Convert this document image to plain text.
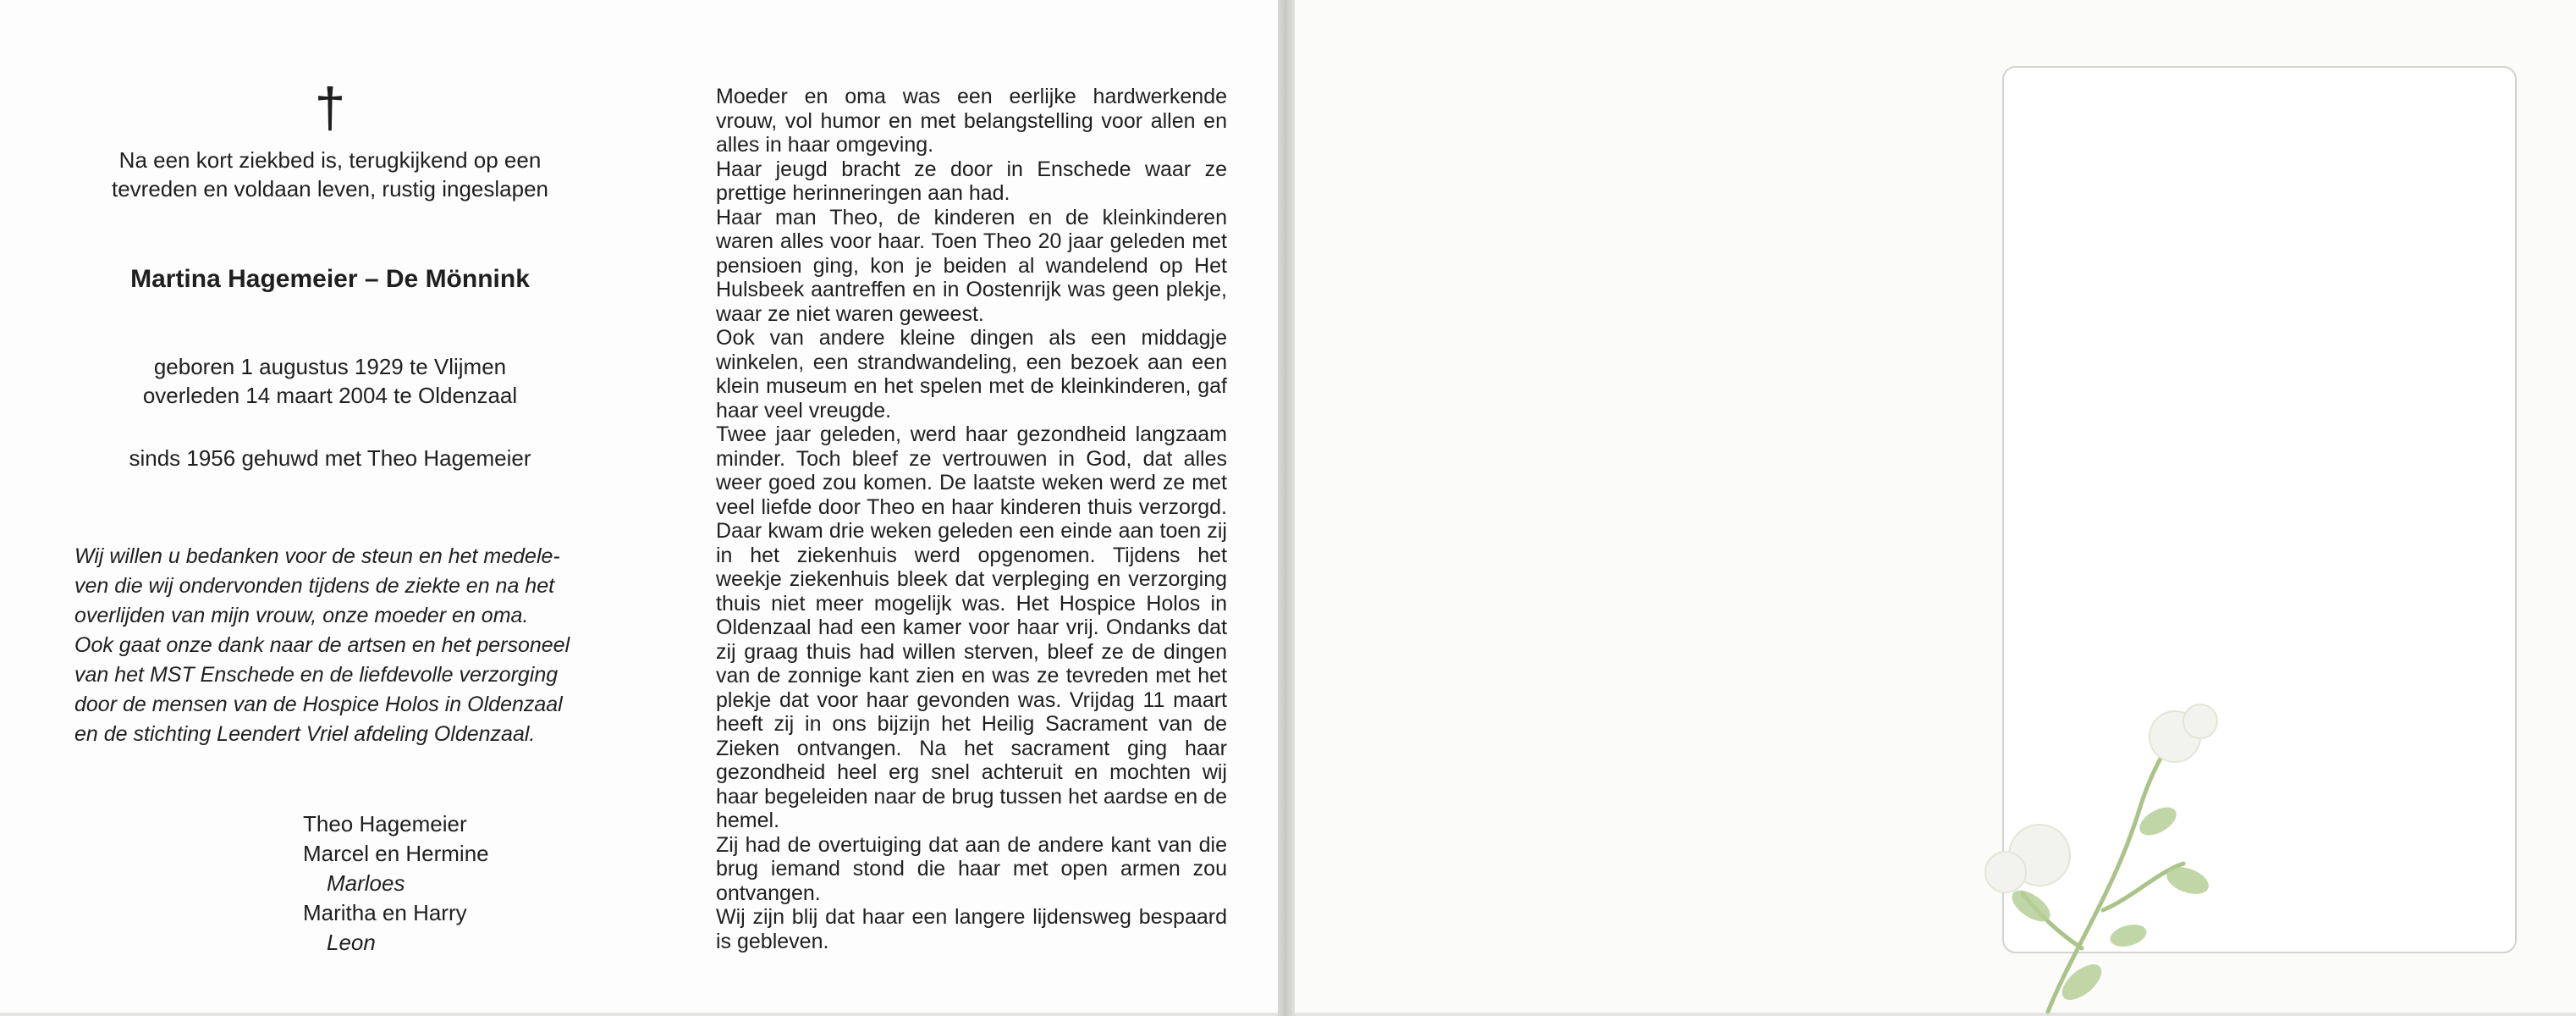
†
Na een kort ziekbed is, terugkijkend op een
tevreden en voldaan leven, rustig ingeslapen
Martina Hagemeier – De Mönnink
geboren 1 augustus 1929 te Vlijmen
overleden 14 maart 2004 te Oldenzaal
sinds 1956 gehuwd met Theo Hagemeier
Wij willen u bedanken voor de steun en het medele-
ven die wij ondervonden tijdens de ziekte en na het
overlijden van mijn vrouw, onze moeder en oma.
Ook gaat onze dank naar de artsen en het personeel
van het MST Enschede en de liefdevolle verzorging
door de mensen van de Hospice Holos in Oldenzaal
en de stichting Leendert Vriel afdeling Oldenzaal.
Theo Hagemeier
Marcel en Hermine
Marloes
Maritha en Harry
Leon

Moeder en oma was een eerlijke hardwerkende vrouw, vol humor en met belangstelling voor allen en alles in haar omgeving.

Haar jeugd bracht ze door in Enschede waar ze prettige herinneringen aan had.

Haar man Theo, de kinderen en de kleinkinderen waren alles voor haar. Toen Theo 20 jaar geleden met pensioen ging, kon je beiden al wandelend op Het Hulsbeek aantreffen en in Oostenrijk was geen plekje, waar ze niet waren geweest.

Ook van andere kleine dingen als een middagje winkelen, een strandwandeling, een bezoek aan een klein museum en het spelen met de kleinkinderen, gaf haar veel vreugde.

Twee jaar geleden, werd haar gezondheid langzaam minder. Toch bleef ze vertrouwen in God, dat alles weer goed zou komen. De laatste weken werd ze met veel liefde door Theo en haar kinderen thuis verzorgd. Daar kwam drie weken geleden een einde aan toen zij in het ziekenhuis werd opgenomen. Tijdens het weekje ziekenhuis bleek dat verpleging en verzorging thuis niet meer mogelijk was. Het Hospice Holos in Oldenzaal had een kamer voor haar vrij. Ondanks dat zij graag thuis had willen sterven, bleef ze de dingen van de zonnige kant zien en was ze tevreden met het plekje dat voor haar gevonden was. Vrijdag 11 maart heeft zij in ons bijzijn het Heilig Sacrament van de Zieken ontvangen. Na het sacrament ging haar gezondheid heel erg snel achteruit en mochten wij haar begeleiden naar de brug tussen het aardse en de hemel.

Zij had de overtuiging dat aan de andere kant van die brug iemand stond die haar met open armen zou ontvangen.

Wij zijn blij dat haar een langere lijdensweg bespaard is gebleven.
